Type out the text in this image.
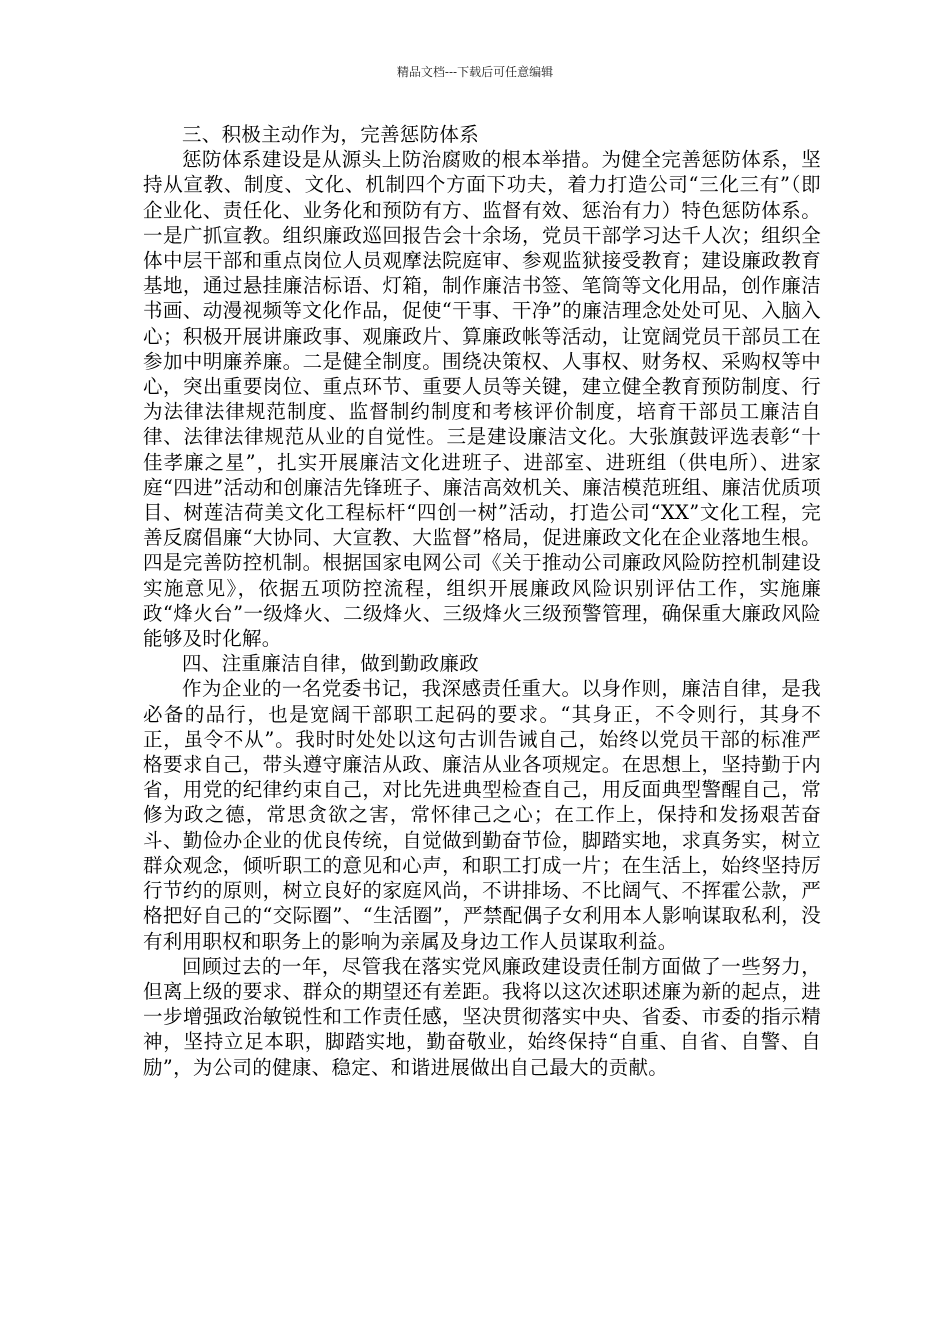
精品文档---下载后可任意编辑

三、积极主动作为，完善惩防体系

惩防体系建设是从源头上防治腐败的根本举措。为健全完善惩防体系，坚持从宣教、制度、文化、机制四个方面下功夫，着力打造公司“三化三有”（即企业化、责任化、业务化和预防有方、监督有效、惩治有力）特色惩防体系。一是广抓宣教。组织廉政巡回报告会十余场，党员干部学习达千人次；组织全体中层干部和重点岗位人员观摩法院庭审、参观监狱接受教育；建设廉政教育基地，通过悬挂廉洁标语、灯箱，制作廉洁书签、笔筒等文化用品，创作廉洁书画、动漫视频等文化作品，促使“干事、干净”的廉洁理念处处可见、入脑入心；积极开展讲廉政事、观廉政片、算廉政帐等活动，让宽阔党员干部员工在参加中明廉养廉。二是健全制度。围绕决策权、人事权、财务权、采购权等中心，突出重要岗位、重点环节、重要人员等关键，建立健全教育预防制度、行为法律法律规范制度、监督制约制度和考核评价制度，培育干部员工廉洁自律、法律法律规范从业的自觉性。三是建设廉洁文化。大张旗鼓评选表彰“十佳孝廉之星”，扎实开展廉洁文化进班子、进部室、进班组（供电所）、进家庭“四进”活动和创廉洁先锋班子、廉洁高效机关、廉洁模范班组、廉洁优质项目、树莲洁荷美文化工程标杆“四创一树”活动，打造公司“XX”文化工程，完善反腐倡廉“大协同、大宣教、大监督”格局，促进廉政文化在企业落地生根。四是完善防控机制。根据国家电网公司《关于推动公司廉政风险防控机制建设实施意见》，依据五项防控流程，组织开展廉政风险识别评估工作，实施廉政“烽火台”一级烽火、二级烽火、三级烽火三级预警管理，确保重大廉政风险能够及时化解。

四、注重廉洁自律，做到勤政廉政

作为企业的一名党委书记，我深感责任重大。以身作则，廉洁自律，是我必备的品行，也是宽阔干部职工起码的要求。“其身正，不令则行，其身不正，虽令不从”。我时时处处以这句古训告诫自己，始终以党员干部的标准严格要求自己，带头遵守廉洁从政、廉洁从业各项规定。在思想上，坚持勤于内省，用党的纪律约束自己，对比先进典型检查自己，用反面典型警醒自己，常修为政之德，常思贪欲之害，常怀律己之心；在工作上，保持和发扬艰苦奋斗、勤俭办企业的优良传统，自觉做到勤奋节俭，脚踏实地，求真务实，树立群众观念，倾听职工的意见和心声，和职工打成一片；在生活上，始终坚持厉行节约的原则，树立良好的家庭风尚，不讲排场、不比阔气、不挥霍公款，严格把好自己的“交际圈”、“生活圈”，严禁配偶子女利用本人影响谋取私利，没有利用职权和职务上的影响为亲属及身边工作人员谋取利益。

回顾过去的一年，尽管我在落实党风廉政建设责任制方面做了一些努力，但离上级的要求、群众的期望还有差距。我将以这次述职述廉为新的起点，进一步增强政治敏锐性和工作责任感，坚决贯彻落实中央、省委、市委的指示精神，坚持立足本职，脚踏实地，勤奋敬业，始终保持“自重、自省、自警、自励”，为公司的健康、稳定、和谐进展做出自己最大的贡献。
